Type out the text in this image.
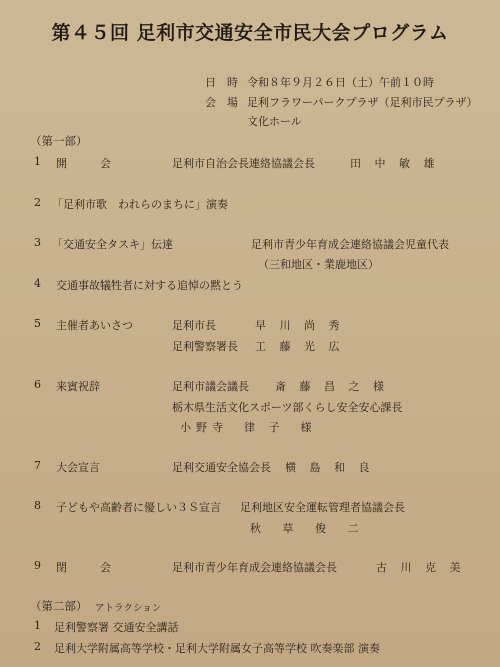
第４５回 足利市交通安全市民大会プログラム
日　時 令和８年９月２６日（土）午前１０時
会　場 足利フラワーパークプラザ（足利市民プラザ）
文化ホール
（第一部）
1 開　　　会	足利市自治会長連絡協議会長	田 中 敏 雄
2 「足利市歌　われらのまちに」演奏
3 「交通安全タスキ」伝達	足利市青少年育成会連絡協議会児童代表
（三和地区・業鹿地区）
4 交通事故犠牲者に対する追悼の黙とう
5 主催者あいさつ	足利市長	早 川 尚 秀
足利警察署長 工 藤 光 広
6 来賓祝辞	足利市議会議長 斎 藤 昌 之 様
栃木県生活文化スポーツ部くらし安全安心課長
小野寺　律 子　様
7 大会宣言	足利交通安全協会長 横 島 和 良
8 子どもや高齢者に優しい３Ｓ宣言 足利地区安全運転管理者協議会長
秋 草 俊 二
9 閉　　　会	足利市青少年育成会連絡協議会長	古 川 克 美
（第二部） アトラクション
1 足利警察署 交通安全講話
2 足利大学附属高等学校・足利大学附属女子高等学校 吹奏楽部 演奏
